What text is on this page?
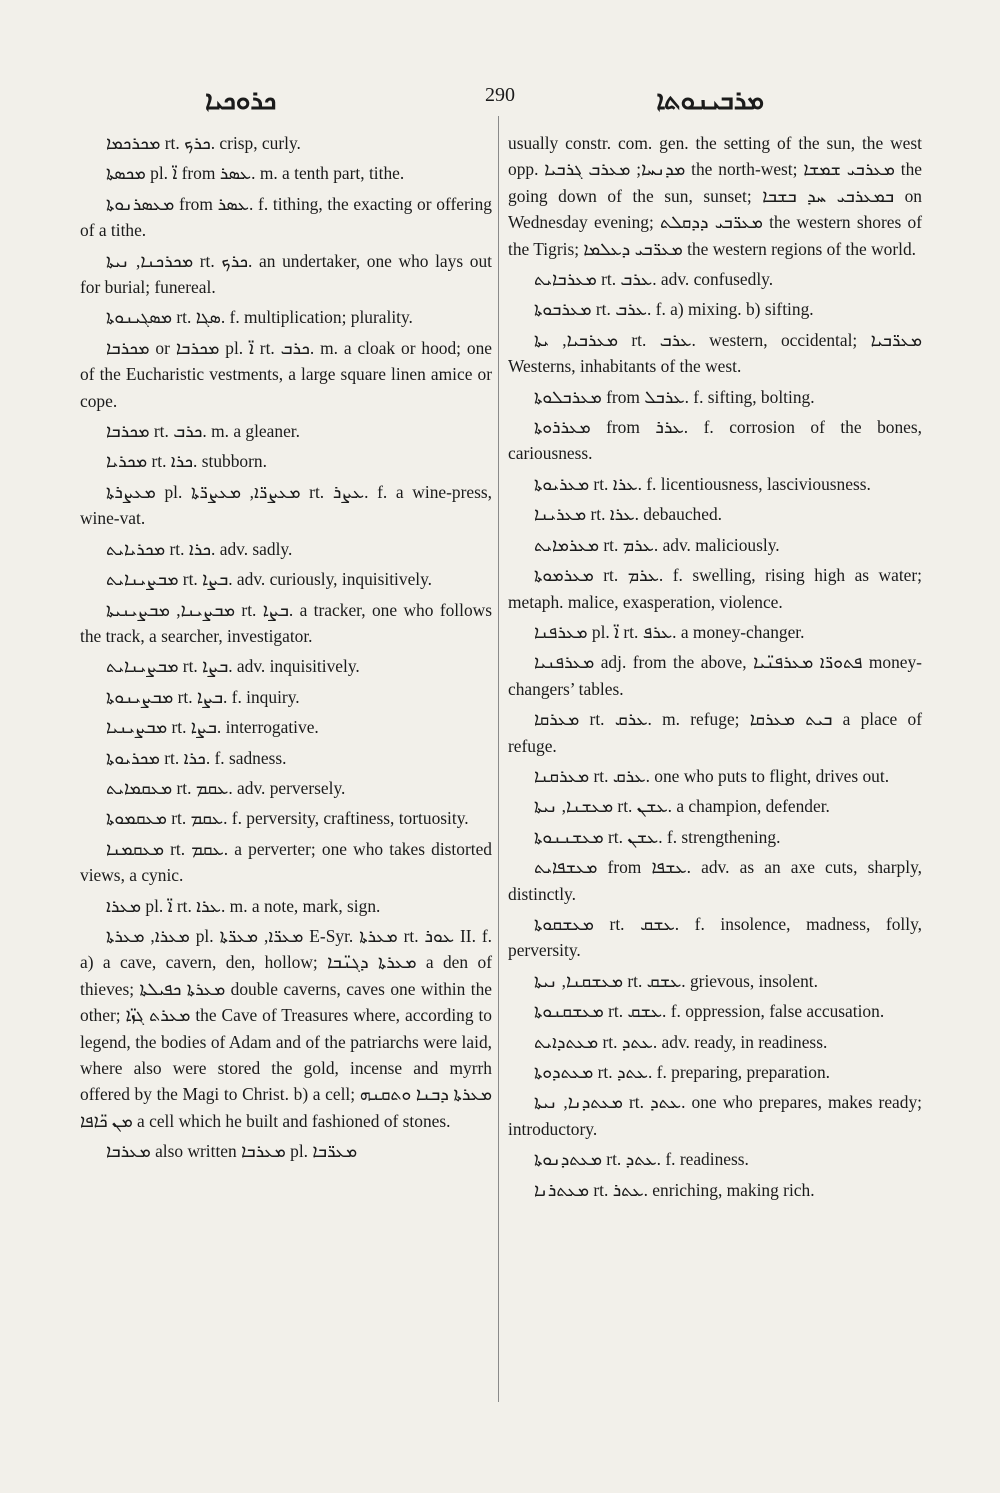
ܟܪܘܟܝܐ	290	ܡܪܒܝܢܘܬܐ

ܡܟܪܟܡܐ rt. ܟܪܟ. crisp, curly.

ܡܟܣܬܐ pl. ܐ̈ from ܥܣܪ. m. a tenth part, tithe.

ܡܥܣܪܢܘܬܐ from ܥܣܪ. f. tithing, the exacting or offering of a tithe.

ܡܟܪܟܢܐ, ܢܝܬܐ rt. ܟܪܟ. an undertaker, one who lays out for burial; funereal.

ܡܣܓܝܢܘܬܐ rt. ܣܓܐ. f. multiplication; plurality.

ܡܟܪܒܐ or ܡܟܪܒܐ pl. ܐ̈ rt. ܟܪܒ. m. a cloak or hood; one of the Eucharistic vestments, a large square linen amice or cope.

ܡܟܪܒܐ rt. ܟܪܒ. m. a gleaner.

ܡܟܪܝܐ rt. ܟܪܐ. stubborn.

ܡܥܨܪܬܐ pl. ܡܥܨܪ̈ܐ, ܡܥܨܪ̈ܬܐ rt. ܥܨܪ. f. a wine-press, wine-vat.

ܡܟܪܝܐܝܬ rt. ܟܪܐ. adv. sadly.

ܡܒܨܝܢܐܝܬ rt. ܒܨܐ. adv. curiously, inquisitively.

ܡܒܨܝܢܐ, ܡܒܨܝܢܝܬܐ rt. ܒܨܐ. a tracker, one who follows the track, a searcher, investigator.

ܡܒܨܝܢܐܝܬ rt. ܒܨܐ. adv. inquisitively.

ܡܒܨܝܢܘܬܐ rt. ܒܨܐ. f. inquiry.

ܡܒܨܝܢܝܐ rt. ܒܨܐ. interrogative.

ܡܟܪܝܘܬܐ rt. ܟܪܐ. f. sadness.

ܡܥܩܡܐܝܬ rt. ܥܩܡ. adv. perversely.

ܡܥܩܡܘܬܐ rt. ܥܩܡ. f. perversity, craftiness, tortuosity.

ܡܥܩܡܢܐ rt. ܥܩܡ. a perverter; one who takes distorted views, a cynic.

ܡܥܪܐ pl. ܐ̈ rt. ܥܪܐ. m. a note, mark, sign.

ܡܥܪܐ, ܡܥܪܬܐ pl. ܡܥܪ̈ܐ, ܡܥܪ̈ܬܐ E-Syr. ܡܥܪܬܐ rt. ܥܘܪ II. f. a) a cave, cavern, den, hollow; ܡܥܪܬܐ ܕܓܢ̈ܒܐ a den of thieves; ܡܥܪܬܐ ܟܦܝܠܬܐ double caverns, caves one within the other; ܡܥܪܬ ܓܙ̈ܐ the Cave of Treasures where, according to legend, the bodies of Adam and of the patriarchs were laid, where also were stored the gold, incense and myrrh offered by the Magi to Christ. b) a cell; ܡܥܪܬܐ ܕܒܢܐ ܘܬܩܢܗ ܡܢ ܟ̈ܐܦܐ a cell which he built and fashioned of stones.

ܡܥܪܒܐ also written ܡܥܪܒܐ pl. ܡܥܪ̈ܒܐ

usually constr. com. gen. the setting of the sun, the west opp. ܡܕܢܚܐ; ܡܥܪܒ ܓܪܒܝܐ the north-west; ܡܥܪܒܝ ܫܡܫܐ the going down of the sun, sunset; ܒܡܥܪܒܝ ܚܕ ܒܫܒܐ on Wednesday evening; ܡܥܪ̈ܒܝ ܕܕܩܠܬ the western shores of the Tigris; ܡܥܪ̈ܒܝ ܕܥܠܡܐ the western regions of the world.

ܡܥܪܒܐܝܬ rt. ܥܪܒ. adv. confusedly.

ܡܥܪܒܘܬܐ rt. ܥܪܒ. f. a) mixing. b) sifting.

ܡܥܪܒܝܐ, ܝܬܐ rt. ܥܪܒ. western, occidental; ܡܥܪ̈ܒܝܐ Westerns, inhabitants of the west.

ܡܥܪܒܠܘܬܐ from ܥܪܒܠ. f. sifting, bolting.

ܡܥܪܪܘܬܐ from ܥܪܪ. f. corrosion of the bones, cariousness.

ܡܥܪܝܘܬܐ rt. ܥܪܐ. f. licentiousness, lasciviousness.

ܡܥܪܝܢܐ rt. ܥܪܐ. debauched.

ܡܥܪܡܐܝܬ rt. ܥܪܡ. adv. maliciously.

ܡܥܪܡܘܬܐ rt. ܥܪܡ. f. swelling, rising high as water; metaph. malice, exasperation, violence.

ܡܥܪܦܢܐ pl. ܐ̈ rt. ܥܪܦ. a money-changer.

ܡܥܪܦܢܝܐ adj. from the above, ܦܬܘܪ̈ܐ ܡܥܪܦܢ̈ܝܐ money-changers’ tables.

ܡܥܪܩܐ rt. ܥܪܩ. m. refuge; ܒܝܬ ܡܥܪܩܐ a place of refuge.

ܡܥܪܩܢܐ rt. ܥܪܩ. one who puts to flight, drives out.

ܡܥܫܢܐ, ܢܝܬܐ rt. ܥܫܢ. a champion, defender.

ܡܥܫܢܢܘܬܐ rt. ܥܫܢ. f. strengthening.

ܡܥܫܦܐܝܬ from ܥܫܦܐ. adv. as an axe cuts, sharply, distinctly.

ܡܥܫܩܘܬܐ rt. ܥܫܩ. f. insolence, madness, folly, perversity.

ܡܥܫܩܢܐ, ܢܝܬܐ rt. ܥܫܩ. grievous, insolent.

ܡܥܫܩܢܘܬܐ rt. ܥܫܩ. f. oppression, false accusation.

ܡܥܬܕܐܝܬ rt. ܥܬܕ. adv. ready, in readiness.

ܡܥܬܕܘܬܐ rt. ܥܬܕ. f. preparing, preparation.

ܡܥܬܕܢܐ, ܢܝܬܐ rt. ܥܬܕ. one who prepares, makes ready; introductory.

ܡܥܬܕܢܘܬܐ rt. ܥܬܕ. f. readiness.

ܡܥܬܪܢܐ rt. ܥܬܪ. enriching, making rich.
